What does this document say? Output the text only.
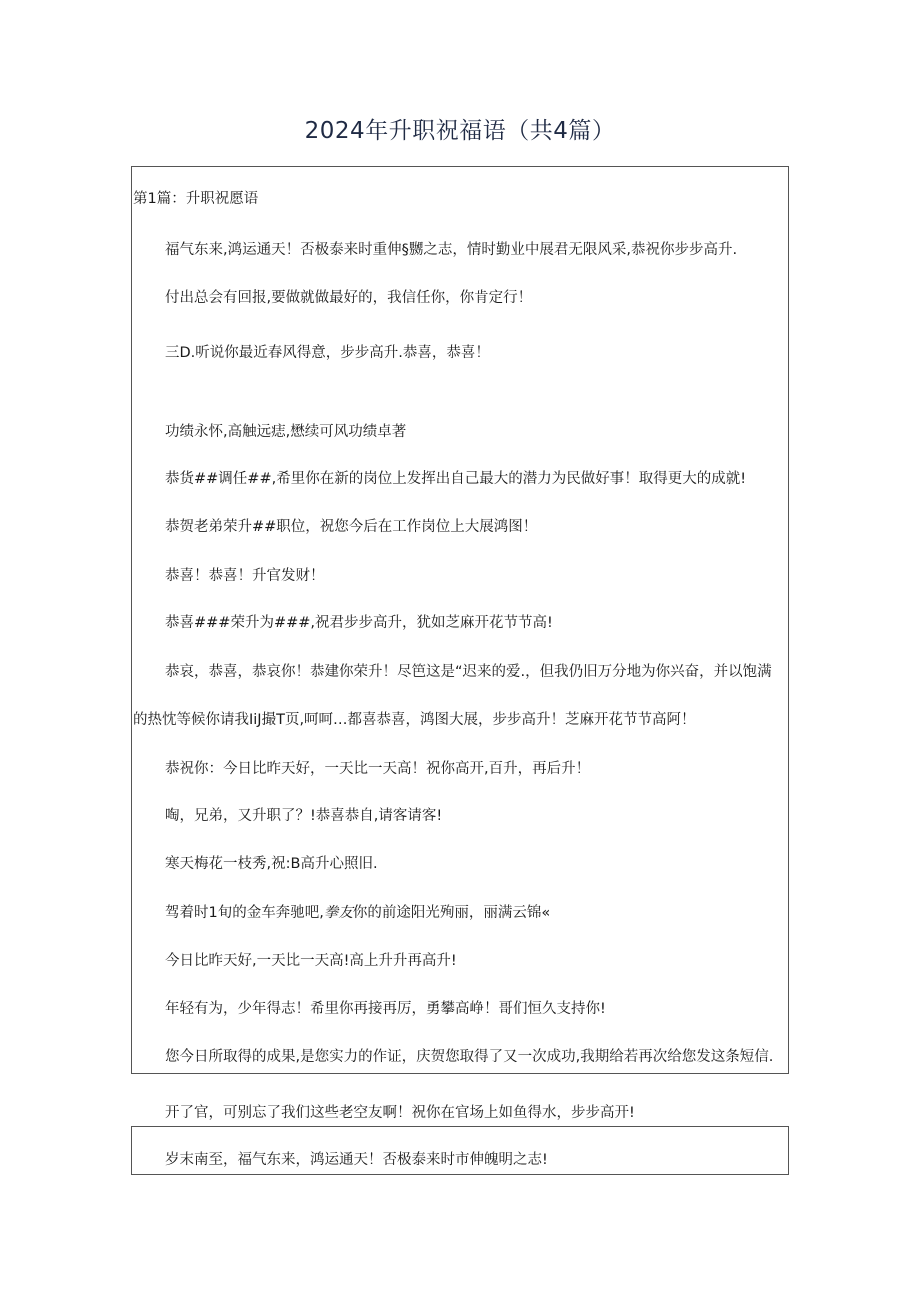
2024年升职祝福语（共4篇）
第1篇：升职祝愿语
福气东来,鸿运通天！否极泰来时重伸§嬲之志，情时勤业中展君无限风采,恭祝你步步高升.
付出总会有回报,要做就做最好的，我信任你，你肯定行！
三D.听说你最近春风得意，步步高升.恭喜，恭喜！
功绩永怀,高触远痣,懋续可风功绩卓著
恭货##调任##,希里你在新的岗位上发挥出自己最大的潜力为民做好事！取得更大的成就!
恭贺老弟荣升##职位，祝您今后在工作岗位上大展鸿图！
恭喜！恭喜！升官发财！
恭喜###荣升为###,祝君步步高升，犹如芝麻开花节节高!
恭哀，恭喜，恭哀你！恭建你荣升！尽笆这是“迟来的爱.，但我仍旧万分地为你兴奋，并以饱满
的热忱等候你请我IiJ撮T页,呵呵…都喜恭喜，鸿图大展，步步高升！芝麻开花节节高阿！
恭祝你：今日比昨天好，一天比一天高！祝你高开,百升，再后升！
啕，兄弟，又升职了？!恭喜恭自,请客请客!
寒天梅花一枝秀,祝:B高升心照旧.
驾着时1旬的金车奔驰吧,拳友你的前途阳光殉丽，丽满云锦«
今日比昨天好,一天比一天高!高上升升再高升!
年轻有为，少年得志！希里你再接再厉，勇攀高峥！哥们恒久支持你!
您今日所取得的成果,是您实力的作证，庆贺您取得了又一次成功,我期给若再次给您发这条短信.
开了官，可别忘了我们这些老空友啊！祝你在官场上如鱼得水，步步高开!
岁末南至，福气东来，鸿运通天！否极泰来时市伸魄明之志!
